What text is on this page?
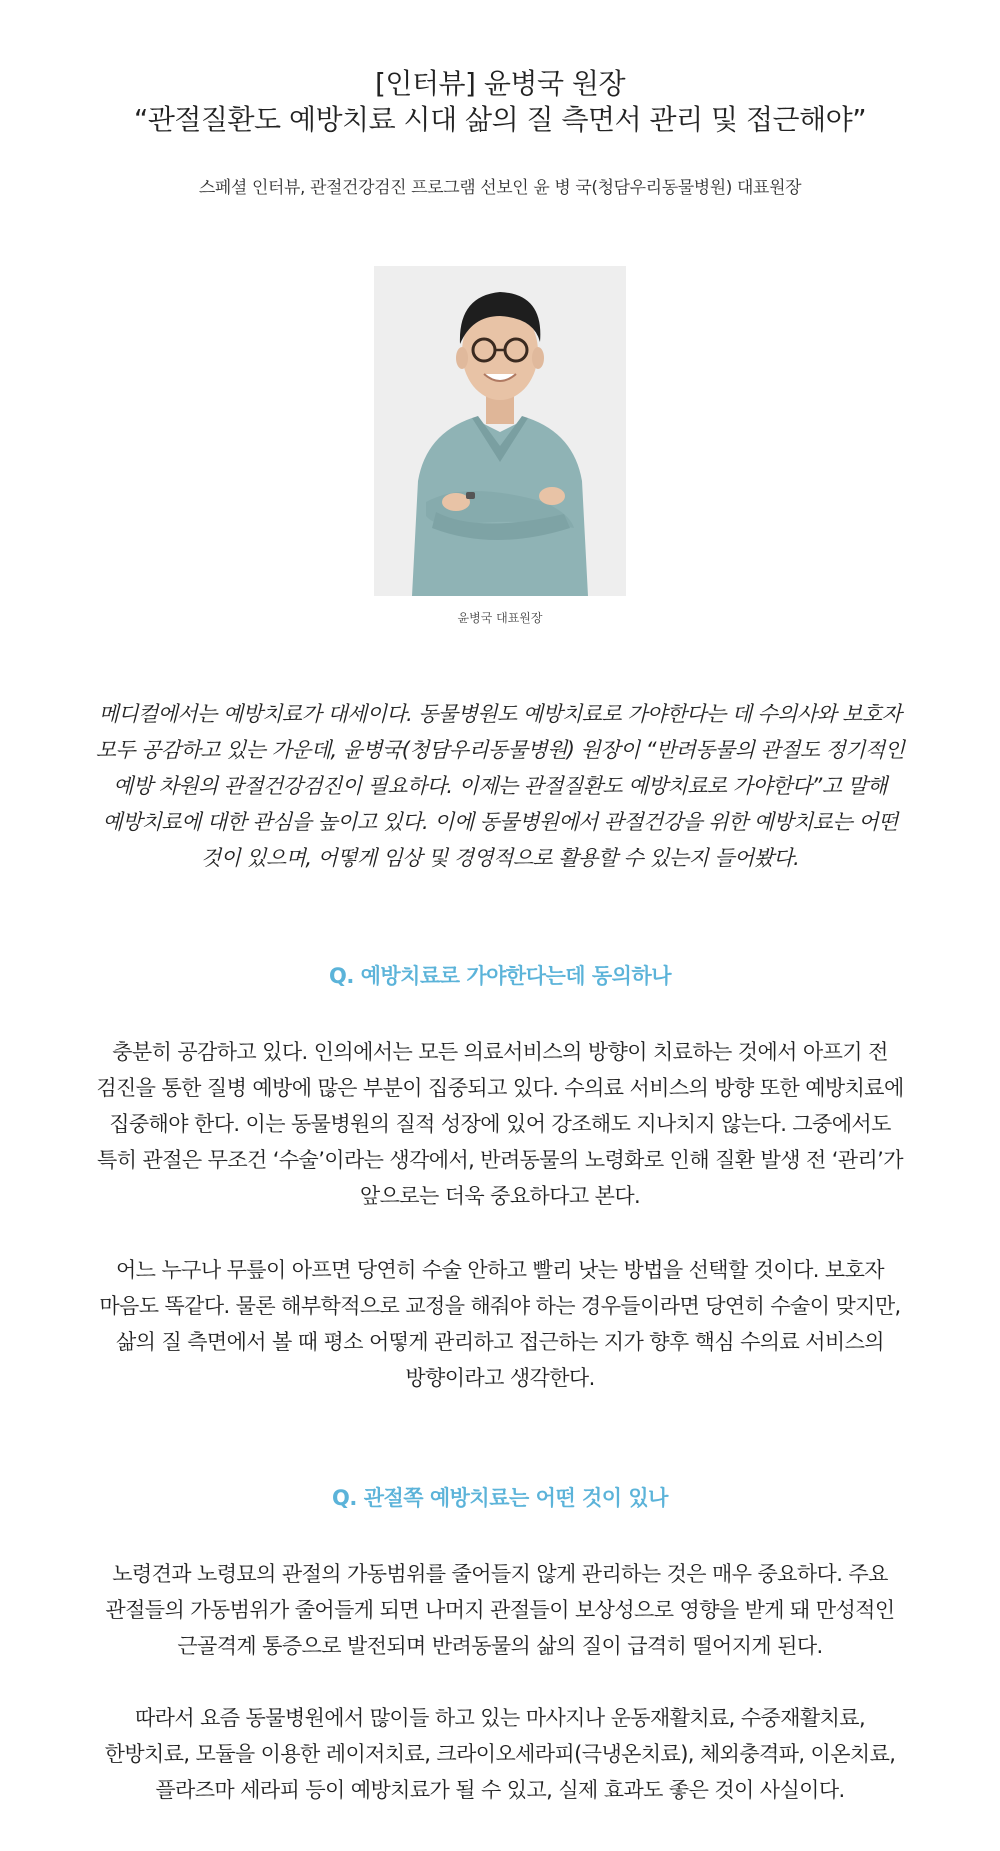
[인터뷰] 윤병국 원장
“관절질환도 예방치료 시대 삶의 질 측면서 관리 및 접근해야”

스페셜 인터뷰, 관절건강검진 프로그램 선보인 윤 병 국(청담우리동물병원) 대표원장

윤병국 대표원장

메디컬에서는 예방치료가 대세이다. 동물병원도 예방치료로 가야한다는 데 수의사와 보호자
모두 공감하고 있는 가운데, 윤병국(청담우리동물병원) 원장이 “반려동물의 관절도 정기적인
예방 차원의 관절건강검진이 필요하다. 이제는 관절질환도 예방치료로 가야한다”고 말해
예방치료에 대한 관심을 높이고 있다. 이에 동물병원에서 관절건강을 위한 예방치료는 어떤
것이 있으며, 어떻게 임상 및 경영적으로 활용할 수 있는지 들어봤다.
Q. 예방치료로 가야한다는데 동의하나
충분히 공감하고 있다. 인의에서는 모든 의료서비스의 방향이 치료하는 것에서 아프기 전
검진을 통한 질병 예방에 많은 부분이 집중되고 있다. 수의료 서비스의 방향 또한 예방치료에
집중해야 한다. 이는 동물병원의 질적 성장에 있어 강조해도 지나치지 않는다. 그중에서도
특히 관절은 무조건 ‘수술’이라는 생각에서, 반려동물의 노령화로 인해 질환 발생 전 ‘관리’가
앞으로는 더욱 중요하다고 본다.
어느 누구나 무릎이 아프면 당연히 수술 안하고 빨리 낫는 방법을 선택할 것이다. 보호자
마음도 똑같다. 물론 해부학적으로 교정을 해줘야 하는 경우들이라면 당연히 수술이 맞지만,
삶의 질 측면에서 볼 때 평소 어떻게 관리하고 접근하는 지가 향후 핵심 수의료 서비스의
방향이라고 생각한다.
Q. 관절쪽 예방치료는 어떤 것이 있나
노령견과 노령묘의 관절의 가동범위를 줄어들지 않게 관리하는 것은 매우 중요하다. 주요
관절들의 가동범위가 줄어들게 되면 나머지 관절들이 보상성으로 영향을 받게 돼 만성적인
근골격계 통증으로 발전되며 반려동물의 삶의 질이 급격히 떨어지게 된다.
따라서 요즘 동물병원에서 많이들 하고 있는 마사지나 운동재활치료, 수중재활치료,
한방치료, 모듈을 이용한 레이저치료, 크라이오세라피(극냉온치료), 체외충격파, 이온치료,
플라즈마 세라피 등이 예방치료가 될 수 있고, 실제 효과도 좋은 것이 사실이다.
